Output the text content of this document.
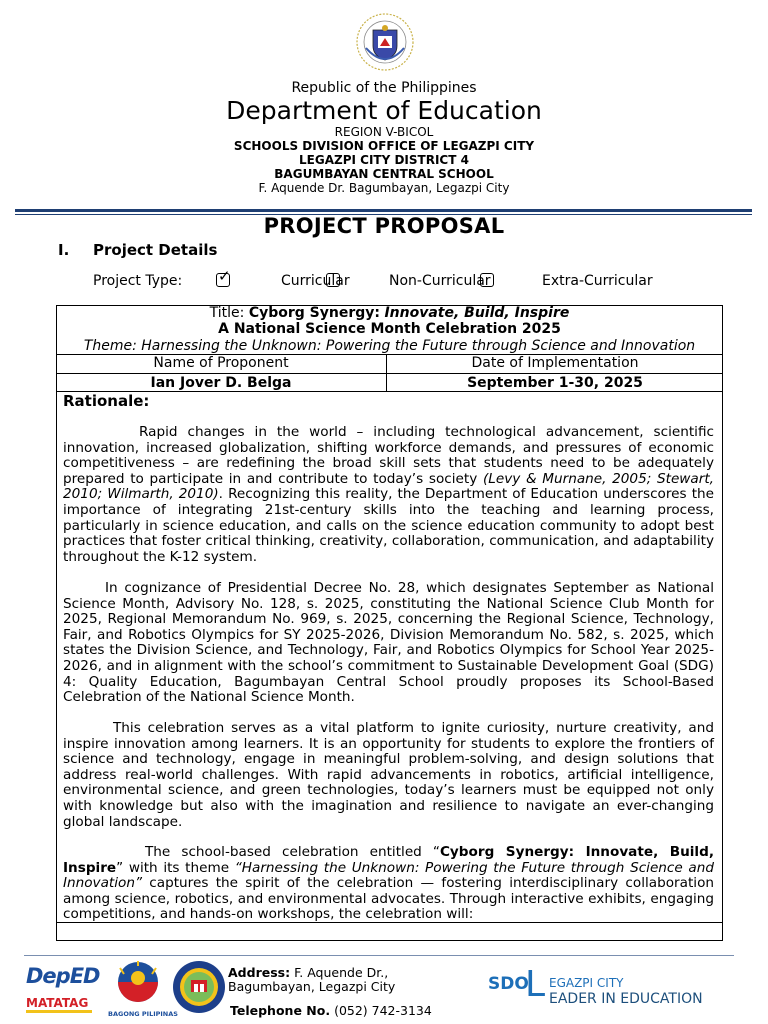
Republic of the Philippines
Department of Education
REGION V-BICOL
SCHOOLS DIVISION OFFICE OF LEGAZPI CITY
LEGAZPI CITY DISTRICT 4
BAGUMBAYAN CENTRAL SCHOOL
F. Aquende Dr. Bagumbayan, Legazpi City
PROJECT PROPOSAL
I. Project Details
Project Type: ✓	Curricular	Non-Curricular	Extra-Curricular
Title: Cyborg Synergy: Innovate, Build, Inspire
A National Science Month Celebration 2025
Theme: Harnessing the Unknown: Powering the Future through Science and Innovation
Name of Proponent	Date of Implementation
Ian Jover D. Belga	September 1-30, 2025
Rationale:

Rapid changes in the world – including technological advancement, scientific innovation, increased globalization, shifting workforce demands, and pressures of economic competitiveness – are redefining the broad skill sets that students need to be adequately prepared to participate in and contribute to today’s society (Levy & Murnane, 2005; Stewart, 2010; Wilmarth, 2010). Recognizing this reality, the Department of Education underscores the importance of integrating 21st-century skills into the teaching and learning process, particularly in science education, and calls on the science education community to adopt best practices that foster critical thinking, creativity, collaboration, communication, and adaptability throughout the K-12 system.

In cognizance of Presidential Decree No. 28, which designates September as National Science Month, Advisory No. 128, s. 2025, constituting the National Science Club Month for 2025, Regional Memorandum No. 969, s. 2025, concerning the Regional Science, Technology, Fair, and Robotics Olympics for SY 2025-2026, Division Memorandum No. 582, s. 2025, which states the Division Science, and Technology, Fair, and Robotics Olympics for School Year 2025-2026, and in alignment with the school’s commitment to Sustainable Development Goal (SDG) 4: Quality Education, Bagumbayan Central School proudly proposes its School-Based Celebration of the National Science Month.

This celebration serves as a vital platform to ignite curiosity, nurture creativity, and inspire innovation among learners. It is an opportunity for students to explore the frontiers of science and technology, engage in meaningful problem-solving, and design solutions that address real-world challenges. With rapid advancements in robotics, artificial intelligence, environmental science, and green technologies, today’s learners must be equipped not only with knowledge but also with the imagination and resilience to navigate an ever-changing global landscape.

The school-based celebration entitled “Cyborg Synergy: Innovate, Build, Inspire” with its theme “Harnessing the Unknown: Powering the Future through Science and Innovation” captures the spirit of the celebration — fostering interdisciplinary collaboration among science, robotics, and environmental advocates. Through interactive exhibits, engaging competitions, and hands-on workshops, the celebration will:

DepED
MATATAG
BAGONG PILIPINAS
Address: F. Aquende Dr., Bagumbayan, Legazpi City
Telephone No. (052) 742-3134
SDO
L EGAZPI CITY
EADER IN EDUCATION
